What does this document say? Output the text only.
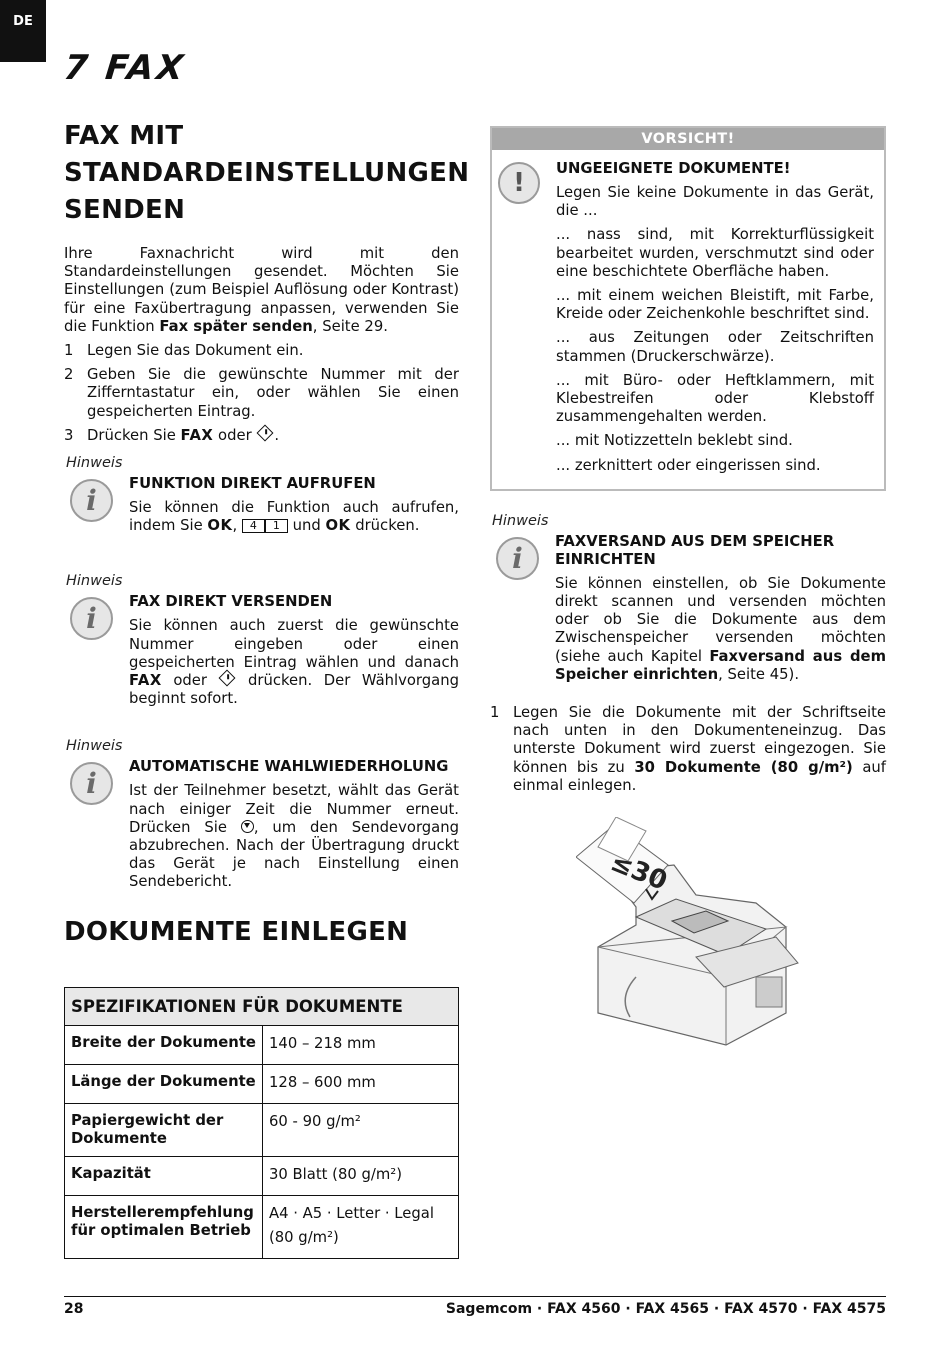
DE
7 FAX
FAX MIT STANDARDEINSTELLUNGEN SENDEN

Ihre Faxnachricht wird mit den Standardeinstellungen gesendet. Möchten Sie Einstellungen (zum Beispiel Auflösung oder Kontrast) für eine Faxübertragung anpassen, verwenden Sie die Funktion Fax später senden, Seite 29.

1 Legen Sie das Dokument ein.
2 Geben Sie die gewünschte Nummer mit der Zifferntastatur ein, oder wählen Sie einen gespeicherten Eintrag.
3 Drücken Sie FAX oder .
Hinweis
i
FUNKTION DIREKT AUFRUFEN

Sie können die Funktion auch aufrufen, indem Sie OK, 4 1 und OK drücken.

Hinweis
i
FAX DIREKT VERSENDEN

Sie können auch zuerst die gewünschte Nummer eingeben oder einen gespeicherten Eintrag wählen und danach FAX oder  drücken. Der Wählvorgang beginnt sofort.

Hinweis
i
AUTOMATISCHE WAHLWIEDERHOLUNG

Ist der Teilnehmer besetzt, wählt das Gerät nach einiger Zeit die Nummer erneut. Drücken Sie , um den Sendevorgang abzubrechen. Nach der Übertragung druckt das Gerät je nach Einstellung einen Sendebericht.

DOKUMENTE EINLEGEN
SPEZIFIKATIONEN FÜR DOKUMENTE	
Breite der Dokumente	140 – 218 mm
Länge der Dokumente	128 – 600 mm
Papiergewicht der Dokumente	60 - 90 g/m²
Kapazität	30 Blatt (80 g/m²)
Herstellerempfehlung für optimalen Betrieb	A4 · A5 · Letter · Legal (80 g/m²)
VORSICHT!
!	UNGEEIGNETE DOKUMENTE!

Legen Sie keine Dokumente in das Gerät, die ...

... nass sind, mit Korrekturflüssigkeit bearbeitet wurden, verschmutzt sind oder eine beschichtete Oberfläche haben.

... mit einem weichen Bleistift, mit Farbe, Kreide oder Zeichenkohle beschriftet sind.

... aus Zeitungen oder Zeitschriften stammen (Druckerschwärze).

... mit Büro- oder Heftklammern, mit Klebestreifen oder Klebstoff zusammengehalten werden.

... mit Notizzetteln beklebt sind.

... zerknittert oder eingerissen sind.

Hinweis
i
FAXVERSAND AUS DEM SPEICHER EINRICHTEN

Sie können einstellen, ob Sie Dokumente direkt scannen und versenden möchten oder ob Sie die Dokumente aus dem Zwischenspeicher versenden möchten (siehe auch Kapitel Faxversand aus dem Speicher einrichten, Seite 45).

1 Legen Sie die Dokumente mit der Schriftseite nach unten in den Dokumenteneinzug. Das unterste Dokument wird zuerst eingezogen. Sie können bis zu 30 Dokumente (80 g/m²) auf einmal einlegen.
≤30
28	Sagemcom · FAX 4560 · FAX 4565 · FAX 4570 · FAX 4575
